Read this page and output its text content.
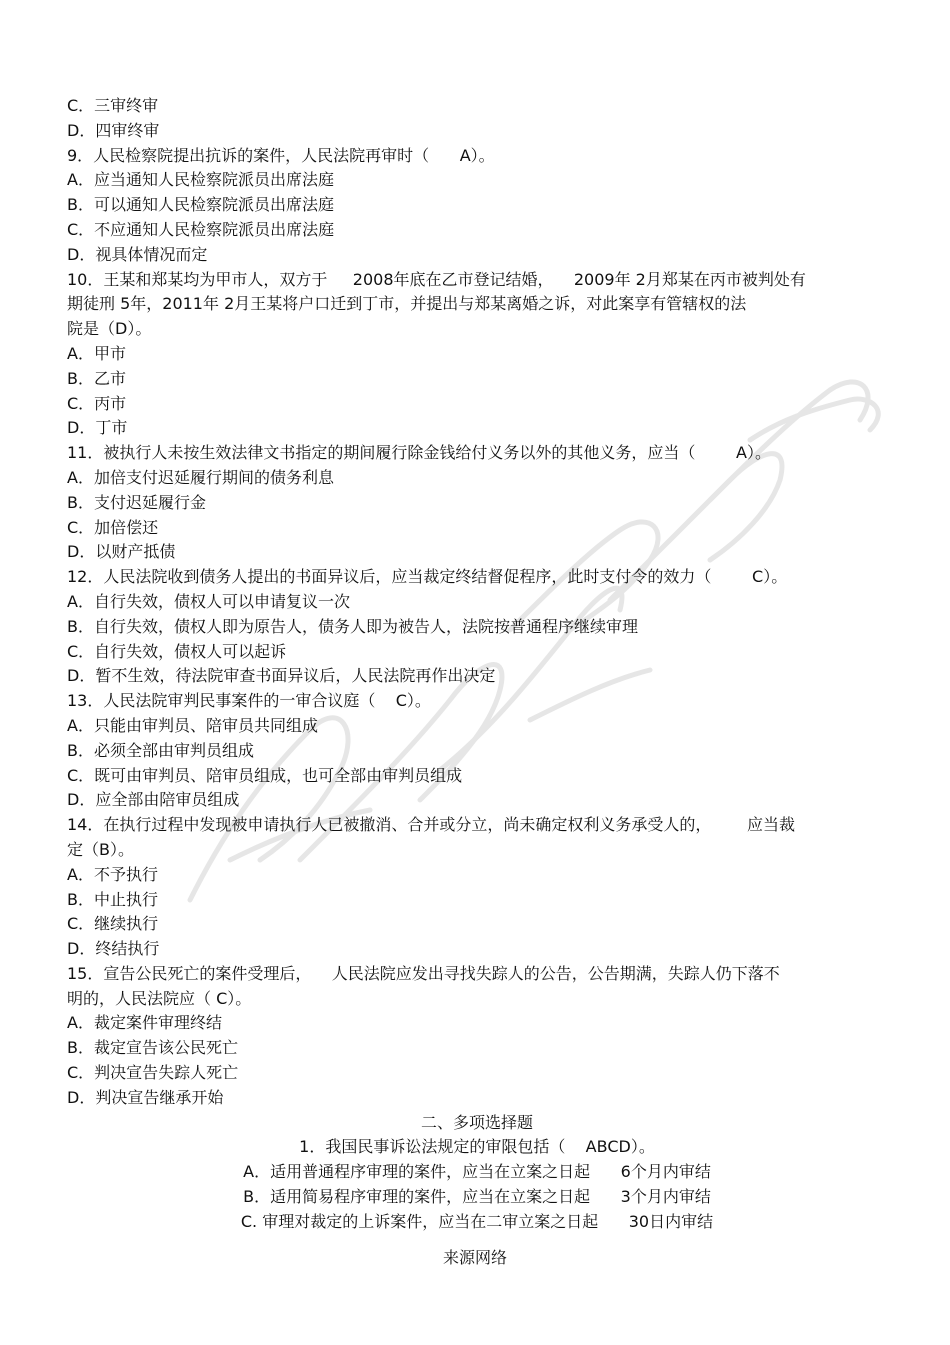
C．三审终审
D．四审终审
9．人民检察院提出抗诉的案件，人民法院再审时（      A）。
A．应当通知人民检察院派员出席法庭
B．可以通知人民检察院派员出席法庭
C．不应通知人民检察院派员出席法庭
D．视具体情况而定
10．王某和郑某均为甲市人，双方于     2008年底在乙市登记结婚，    2009年 2月郑某在丙市被判处有
期徒刑 5年，2011年 2月王某将户口迁到丁市，并提出与郑某离婚之诉，对此案享有管辖权的法
院是（D）。
A．甲市
B．乙市
C．丙市
D．丁市
11．被执行人未按生效法律文书指定的期间履行除金钱给付义务以外的其他义务，应当（        A）。
A．加倍支付迟延履行期间的债务利息
B．支付迟延履行金
C．加倍偿还
D．以财产抵债
12．人民法院收到债务人提出的书面异议后，应当裁定终结督促程序，此时支付令的效力（        C）。
A．自行失效，债权人可以申请复议一次
B．自行失效，债权人即为原告人，债务人即为被告人，法院按普通程序继续审理
C．自行失效，债权人可以起诉
D．暂不生效，待法院审查书面异议后，人民法院再作出决定
13．人民法院审判民事案件的一审合议庭（    C）。
A．只能由审判员、陪审员共同组成
B．必须全部由审判员组成
C．既可由审判员、陪审员组成，也可全部由审判员组成
D．应全部由陪审员组成
14．在执行过程中发现被申请执行人已被撤消、合并或分立，尚未确定权利义务承受人的，       应当裁
定（B）。
A．不予执行
B．中止执行
C．继续执行
D．终结执行
15．宣告公民死亡的案件受理后，    人民法院应发出寻找失踪人的公告，公告期满，失踪人仍下落不
明的，人民法院应（ C）。
A．裁定案件审理终结
B．裁定宣告该公民死亡
C．判决宣告失踪人死亡
D．判决宣告继承开始
二、多项选择题
1．我国民事诉讼法规定的审限包括（    ABCD）。
A．适用普通程序审理的案件，应当在立案之日起      6个月内审结
B．适用简易程序审理的案件，应当在立案之日起      3个月内审结
C. 审理对裁定的上诉案件，应当在二审立案之日起      30日内审结
来源网络
